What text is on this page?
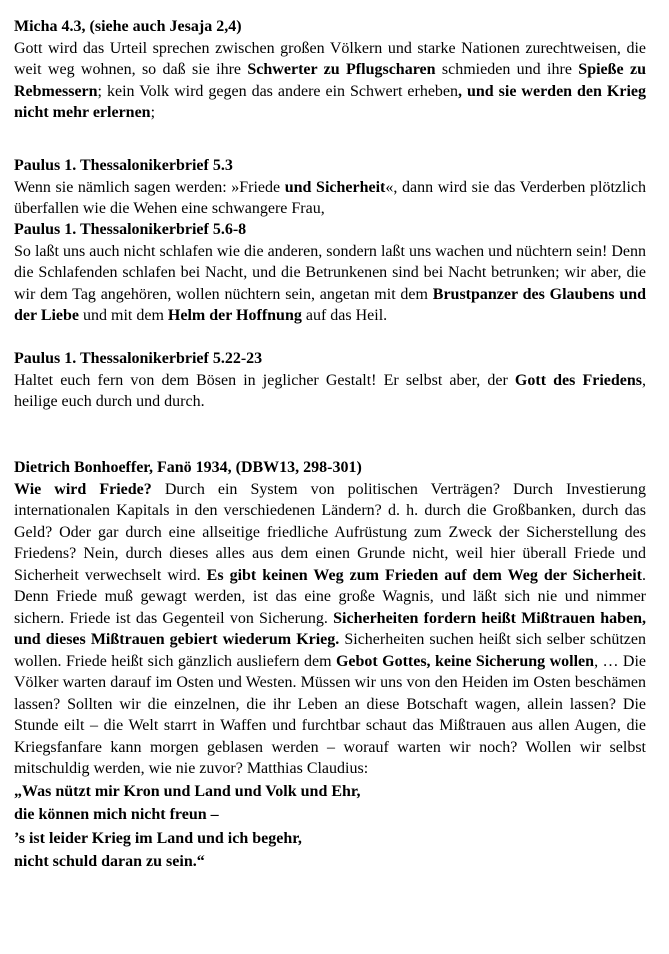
Micha 4.3, (siehe auch Jesaja 2,4)

Gott wird das Urteil sprechen zwischen großen Völkern und starke Nationen zurechtweisen, die weit weg wohnen, so daß sie ihre Schwerter zu Pflugscharen schmieden und ihre Spieße zu Rebmessern; kein Volk wird gegen das andere ein Schwert erheben, und sie werden den Krieg nicht mehr erlernen;

Paulus 1. Thessalonikerbrief 5.3

Wenn sie nämlich sagen werden: »Friede und Sicherheit«, dann wird sie das Verderben plötzlich überfallen wie die Wehen eine schwangere Frau,

Paulus 1. Thessalonikerbrief 5.6-8

So laßt uns auch nicht schlafen wie die anderen, sondern laßt uns wachen und nüchtern sein! Denn die Schlafenden schlafen bei Nacht, und die Betrunkenen sind bei Nacht betrunken; wir aber, die wir dem Tag angehören, wollen nüchtern sein, angetan mit dem Brustpanzer des Glaubens und der Liebe und mit dem Helm der Hoffnung auf das Heil.

Paulus 1. Thessalonikerbrief 5.22-23

Haltet euch fern von dem Bösen in jeglicher Gestalt! Er selbst aber, der Gott des Friedens, heilige euch durch und durch.

Dietrich Bonhoeffer, Fanö 1934, (DBW13, 298-301)

Wie wird Friede? Durch ein System von politischen Verträgen? Durch Investierung internationalen Kapitals in den verschiedenen Ländern? d. h. durch die Großbanken, durch das Geld? Oder gar durch eine allseitige friedliche Aufrüstung zum Zweck der Sicherstellung des Friedens? Nein, durch dieses alles aus dem einen Grunde nicht, weil hier überall Friede und Sicherheit verwechselt wird. Es gibt keinen Weg zum Frieden auf dem Weg der Sicherheit. Denn Friede muß gewagt werden, ist das eine große Wagnis, und läßt sich nie und nimmer sichern. Friede ist das Gegenteil von Sicherung. Sicherheiten fordern heißt Mißtrauen haben, und dieses Mißtrauen gebiert wiederum Krieg. Sicherheiten suchen heißt sich selber schützen wollen. Friede heißt sich gänzlich ausliefern dem Gebot Gottes, keine Sicherung wollen, … Die Völker warten darauf im Osten und Westen. Müssen wir uns von den Heiden im Osten beschämen lassen? Sollten wir die einzelnen, die ihr Leben an diese Botschaft wagen, allein lassen? Die Stunde eilt – die Welt starrt in Waffen und furchtbar schaut das Mißtrauen aus allen Augen, die Kriegsfanfare kann morgen geblasen werden – worauf warten wir noch? Wollen wir selbst mitschuldig werden, wie nie zuvor? Matthias Claudius:

„Was nützt mir Kron und Land und Volk und Ehr,

die können mich nicht freun –

’s ist leider Krieg im Land und ich begehr,

nicht schuld daran zu sein.“
